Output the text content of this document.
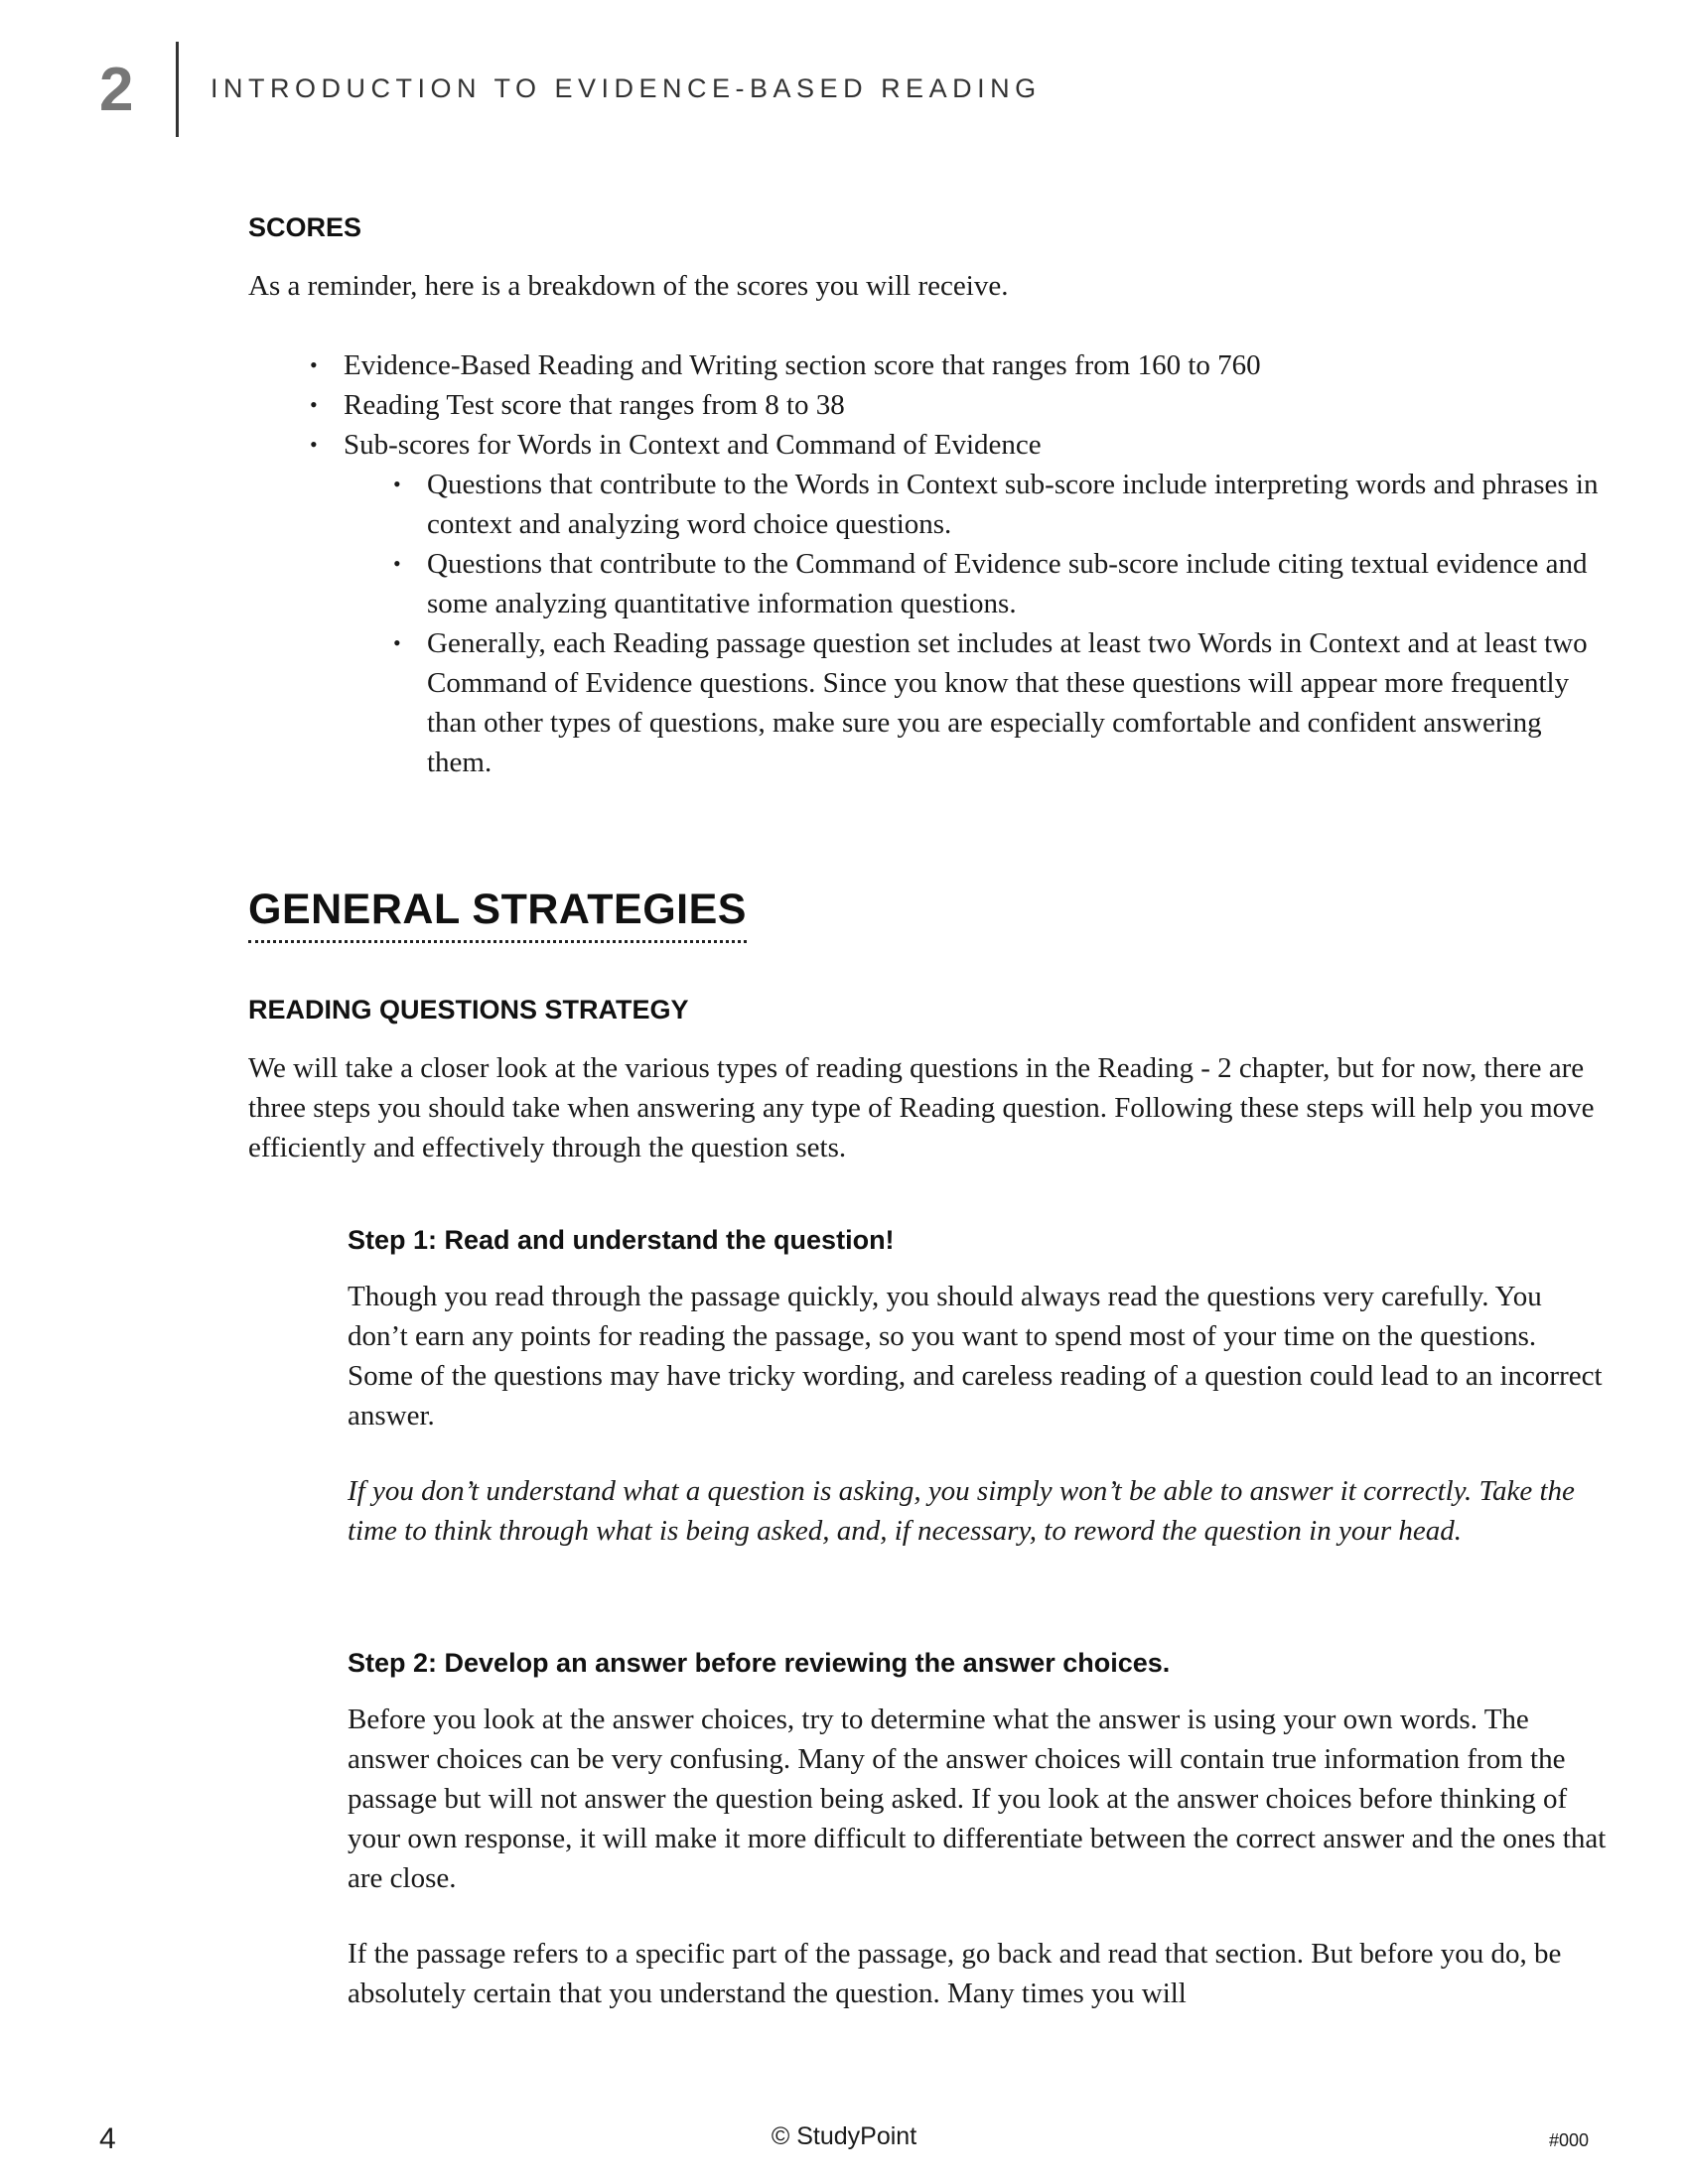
2	INTRODUCTION TO EVIDENCE-BASED READING
SCORES

As a reminder, here is a breakdown of the scores you will receive.

• Evidence-Based Reading and Writing section score that ranges from 160 to 760
• Reading Test score that ranges from 8 to 38
• Sub-scores for Words in Context and Command of Evidence
• Questions that contribute to the Words in Context sub-score include interpreting words and phrases in context and analyzing word choice questions.
• Questions that contribute to the Command of Evidence sub-score include citing textual evidence and some analyzing quantitative information questions.
• Generally, each Reading passage question set includes at least two Words in Context and at least two Command of Evidence questions. Since you know that these questions will appear more frequently than other types of questions, make sure you are especially comfortable and confident answering them.
GENERAL STRATEGIES
READING QUESTIONS STRATEGY

We will take a closer look at the various types of reading questions in the Reading - 2 chapter, but for now, there are three steps you should take when answering any type of Reading question. Following these steps will help you move efficiently and effectively through the question sets.

Step 1: Read and understand the question!

Though you read through the passage quickly, you should always read the questions very carefully. You don’t earn any points for reading the passage, so you want to spend most of your time on the questions. Some of the questions may have tricky wording, and careless reading of a question could lead to an incorrect answer.

If you don’t understand what a question is asking, you simply won’t be able to answer it correctly. Take the time to think through what is being asked, and, if necessary, to reword the question in your head.

Step 2: Develop an answer before reviewing the answer choices.

Before you look at the answer choices, try to determine what the answer is using your own words. The answer choices can be very confusing. Many of the answer choices will contain true information from the passage but will not answer the question being asked. If you look at the answer choices before thinking of your own response, it will make it more difficult to differentiate between the correct answer and the ones that are close.

If the passage refers to a specific part of the passage, go back and read that section. But before you do, be absolutely certain that you understand the question. Many times you will

4	© StudyPoint	#000
